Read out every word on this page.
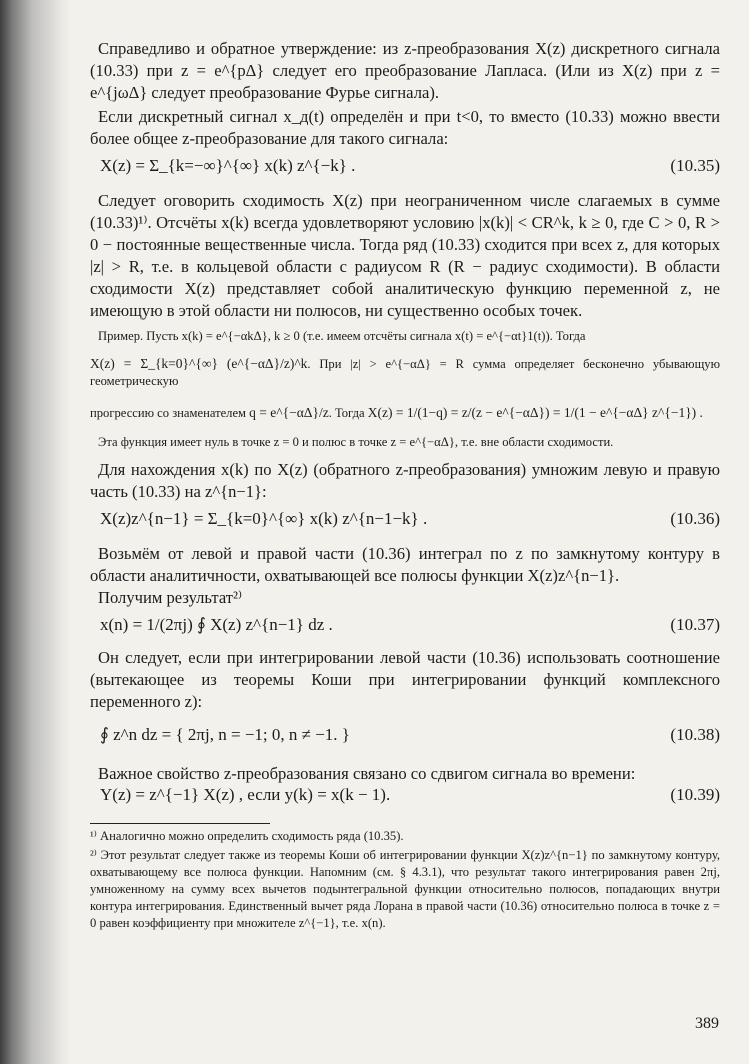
Справедливо и обратное утверждение: из z-преобразования X(z) дискретного сигнала (10.33) при z = e^{pΔ} следует его преобразование Лапласа. (Или из X(z) при z = e^{jωΔ} следует преобразование Фурье сигнала).

Если дискретный сигнал x_д(t) определён и при t<0, то вместо (10.33) можно ввести более общее z-преобразование для такого сигнала:

X(z) = Σ_{k=−∞}^{∞} x(k) z^{−k} .	(10.35)

Следует оговорить сходимость X(z) при неограниченном числе слагаемых в сумме (10.33)¹⁾. Отсчёты x(k) всегда удовлетворяют условию |x(k)| < CR^k, k ≥ 0, где C > 0, R > 0 − постоянные вещественные числа. Тогда ряд (10.33) сходится при всех z, для которых |z| > R, т.е. в кольцевой области с радиусом R (R − радиус сходимости). В области сходимости X(z) представляет собой аналитическую функцию переменной z, не имеющую в этой области ни полюсов, ни существенно особых точек.

Пример. Пусть x(k) = e^{−αkΔ}, k ≥ 0 (т.е. имеем отсчёты сигнала x(t) = e^{−αt}1(t)). Тогда

X(z) = Σ_{k=0}^{∞} (e^{−αΔ}/z)^k. При |z| > e^{−αΔ} = R сумма определяет бесконечно убывающую геометрическую

прогрессию со знаменателем q = e^{−αΔ}/z. Тогда X(z) = 1/(1−q) = z/(z − e^{−αΔ}) = 1/(1 − e^{−αΔ} z^{−1}) .

Эта функция имеет нуль в точке z = 0 и полюс в точке z = e^{−αΔ}, т.е. вне области сходимости.

Для нахождения x(k) по X(z) (обратного z-преобразования) умножим левую и правую часть (10.33) на z^{n−1}:

X(z)z^{n−1} = Σ_{k=0}^{∞} x(k) z^{n−1−k} .	(10.36)

Возьмём от левой и правой части (10.36) интеграл по z по замкнутому контуру в области аналитичности, охватывающей все полюсы функции X(z)z^{n−1}.

Получим результат²⁾

x(n) = 1/(2πj) ∮ X(z) z^{n−1} dz .	(10.37)

Он следует, если при интегрировании левой части (10.36) использовать соотношение (вытекающее из теоремы Коши при интегрировании функций комплексного переменного z):

∮ z^n dz = { 2πj, n = −1; 0, n ≠ −1. }	(10.38)

Важное свойство z-преобразования связано со сдвигом сигнала во времени:

Y(z) = z^{−1} X(z) , если y(k) = x(k − 1).	(10.39)

¹⁾ Аналогично можно определить сходимость ряда (10.35).

²⁾ Этот результат следует также из теоремы Коши об интегрировании функции X(z)z^{n−1} по замкнутому контуру, охватывающему все полюса функции. Напомним (см. § 4.3.1), что результат такого интегрирования равен 2πj, умноженному на сумму всех вычетов подынтегральной функции относительно полюсов, попадающих внутри контура интегрирования. Единственный вычет ряда Лорана в правой части (10.36) относительно полюса в точке z = 0 равен коэффициенту при множителе z^{−1}, т.е. x(n).

389
